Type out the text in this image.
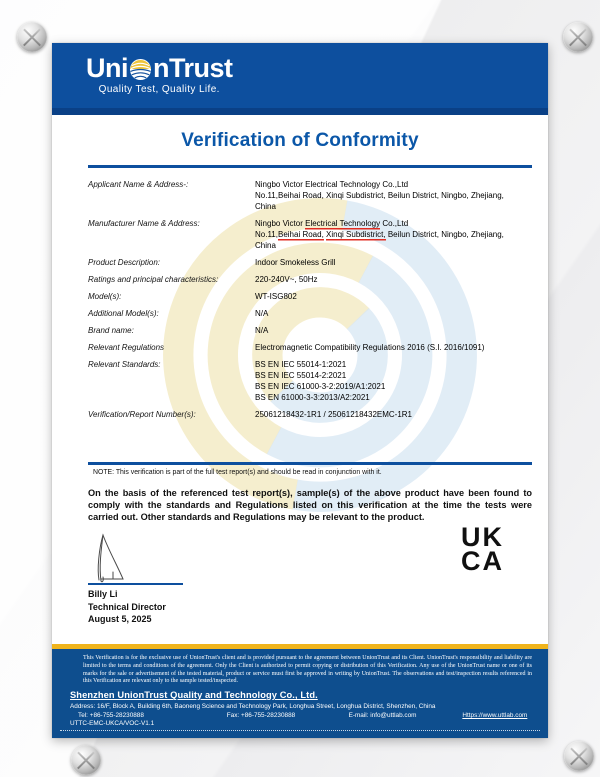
Uni nTrust
Quality Test, Quality Life.
Verification of Conformity
Applicant Name & Address-:	Ningbo Victor Electrical Technology Co.,Ltd
No.11,Beihai Road, Xinqi Subdistrict, Beilun District, Ningbo, Zhejiang,
China
Manufacturer Name & Address:	Ningbo Victor Electrical Technology Co.,Ltd
No.11,Beihai Road, Xinqi Subdistrict, Beilun District, Ningbo, Zhejiang,
China
Product Description:	Indoor Smokeless Grill
Ratings and principal characteristics:	220-240V~, 50Hz
Model(s):	WT-ISG802
Additional Model(s):	N/A
Brand name:	N/A
Relevant Regulations	Electromagnetic Compatibility Regulations 2016 (S.I. 2016/1091)
Relevant Standards:	BS EN IEC 55014-1:2021
BS EN IEC 55014-2:2021
BS EN IEC 61000-3-2:2019/A1:2021
BS EN 61000-3-3:2013/A2:2021
Verification/Report Number(s):	25061218432-1R1 / 25061218432EMC-1R1
NOTE: This verification is part of the full test report(s) and should be read in conjunction with it.
On the basis of the referenced test report(s), sample(s) of the above product have been found to comply with the standards and Regulations listed on this verification at the time the tests were carried out. Other standards and Regulations may be relevant to the product.
Billy Li
Technical Director
August 5, 2025
UK
CA
This Verification is for the exclusive use of UnionTrust's client and is provided pursuant to the agreement between UnionTrust and its Client. UnionTrust's responsibility and liability are limited to the terms and conditions of the agreement. Only the Client is authorized to permit copying or distribution of this Verification. Any use of the UnionTrust name or one of its marks for the sale or advertisement of the tested material, product or service must first be approved in writing by UnionTrust. The observations and test/inspection results referenced in this Verification are relevant only to the sample tested/inspected.
Shenzhen UnionTrust Quality and Technology Co., Ltd.
Address: 16/F, Block A, Building 6th, Baoneng Science and Technology Park, Longhua Street, Longhua District, Shenzhen, China
Tel: +86-755-28230888	Fax: +86-755-28230888	E-mail: info@uttlab.com	Https://www.uttlab.com
UTTC-EMC-UKCA/VOC-V1.1
